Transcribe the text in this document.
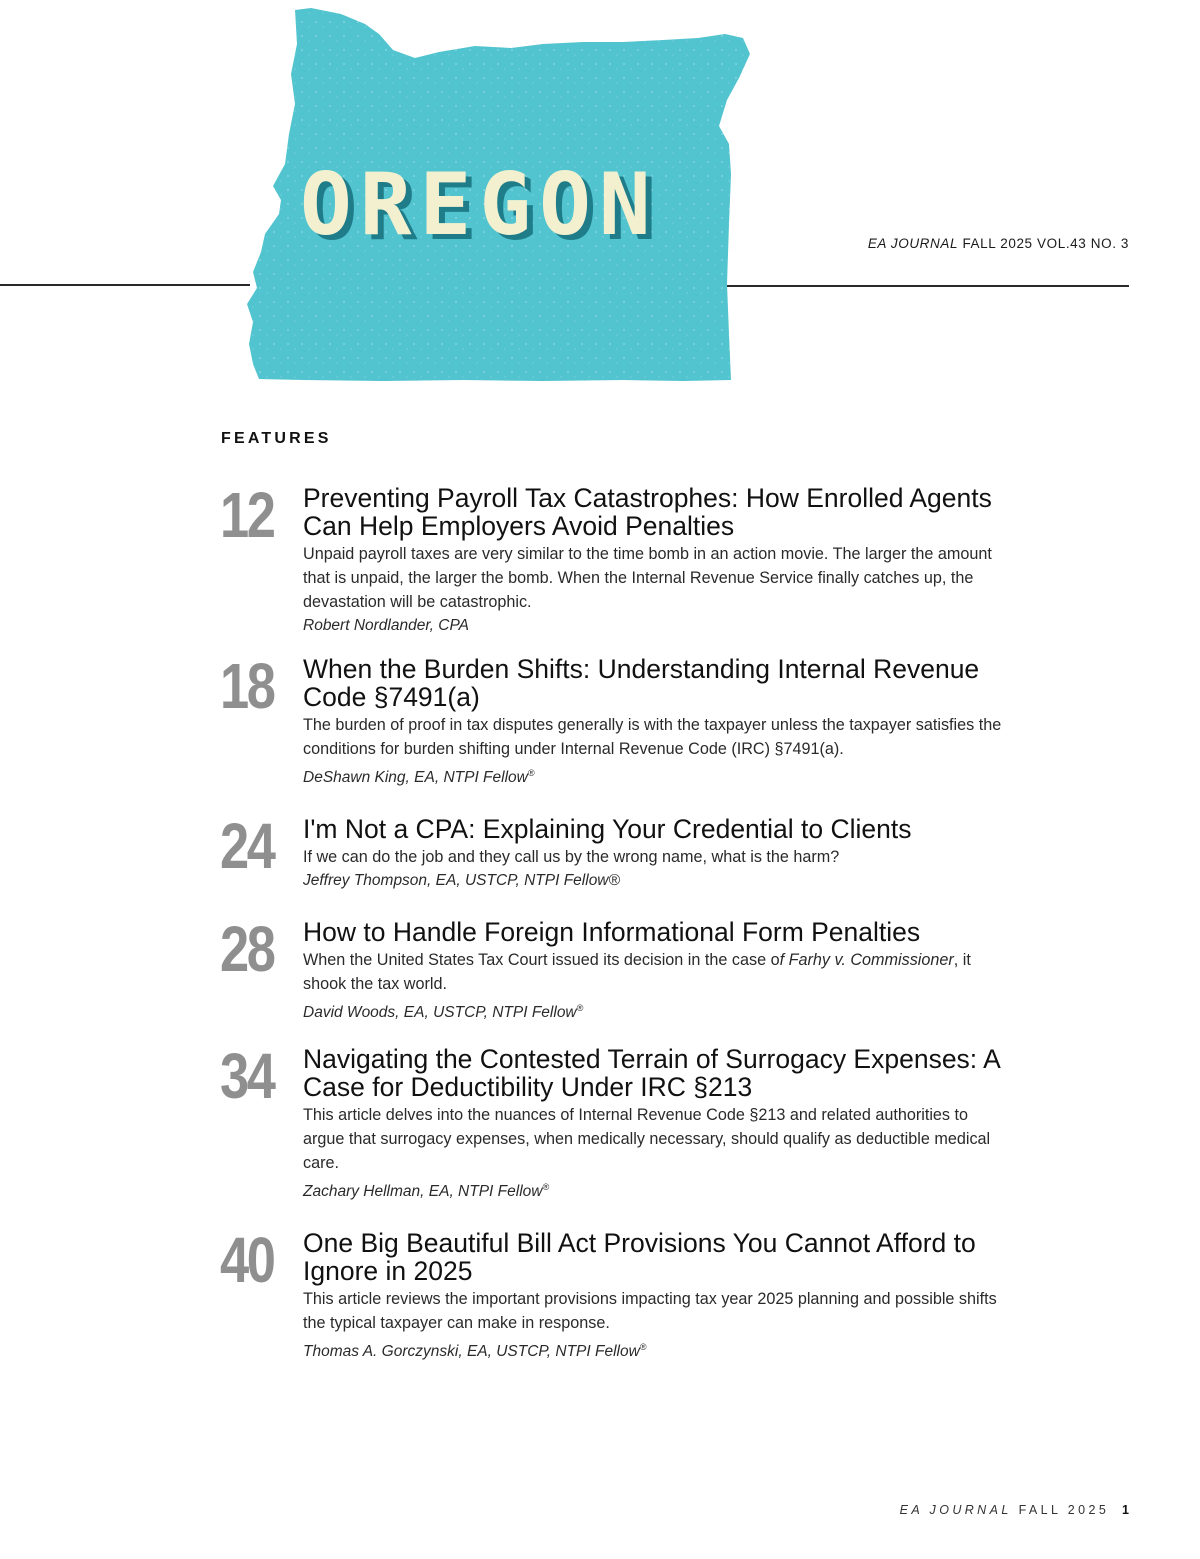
OREGON	EA JOURNAL FALL 2025 VOL.43 NO. 3
FEATURES
12 Preventing Payroll Tax Catastrophes: How Enrolled Agents Can Help Employers Avoid Penalties

Unpaid payroll taxes are very similar to the time bomb in an action movie. The larger the amount that is unpaid, the larger the bomb. When the Internal Revenue Service finally catches up, the devastation will be catastrophic.

Robert Nordlander, CPA

18 When the Burden Shifts: Understanding Internal Revenue Code §7491(a)

The burden of proof in tax disputes generally is with the taxpayer unless the taxpayer satisfies the conditions for burden shifting under Internal Revenue Code (IRC) §7491(a).

DeShawn King, EA, NTPI Fellow®

24 I'm Not a CPA: Explaining Your Credential to Clients

If we can do the job and they call us by the wrong name, what is the harm?

Jeffrey Thompson, EA, USTCP, NTPI Fellow®

28 How to Handle Foreign Informational Form Penalties

When the United States Tax Court issued its decision in the case of Farhy v. Commissioner, it shook the tax world.

David Woods, EA, USTCP, NTPI Fellow®

34 Navigating the Contested Terrain of Surrogacy Expenses: A Case for Deductibility Under IRC §213

This article delves into the nuances of Internal Revenue Code §213 and related authorities to argue that surrogacy expenses, when medically necessary, should qualify as deductible medical care.

Zachary Hellman, EA, NTPI Fellow®

40 One Big Beautiful Bill Act Provisions You Cannot Afford to Ignore in 2025

This article reviews the important provisions impacting tax year 2025 planning and possible shifts the typical taxpayer can make in response.

Thomas A. Gorczynski, EA, USTCP, NTPI Fellow®

EA JOURNAL FALL 2025 1
